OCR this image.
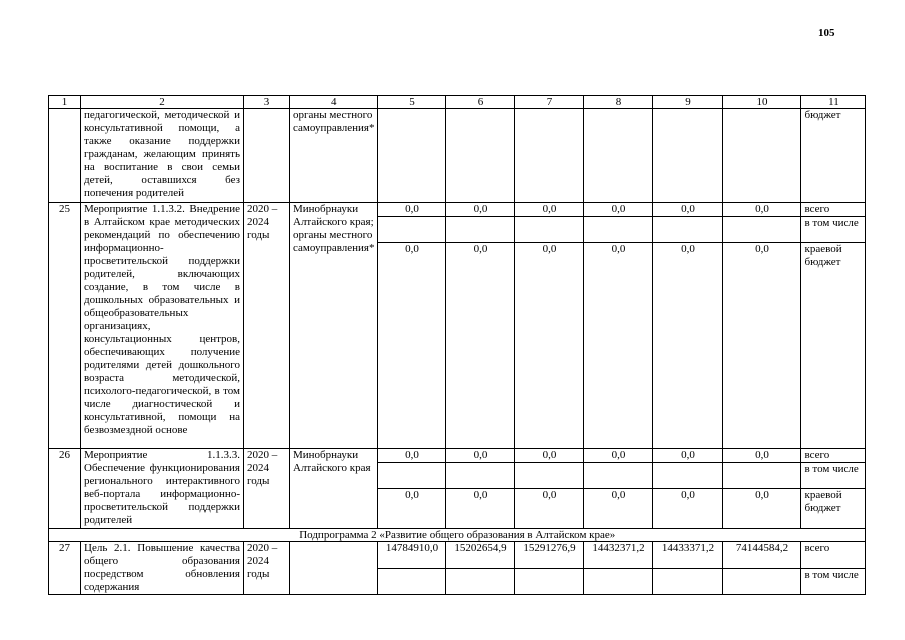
105
1	2	3	4	5	6	7	8	9	10	11
	педагогической, методической и консультативной помощи, а также оказание поддержки гражданам, желающим принять на воспитание в свои семьи детей, оставшихся без попечения родителей		органы местного самоуправления*							бюджет
25	Мероприятие 1.1.3.2. Внедрение в Алтайском крае методических рекомендаций по обеспечению информационно-просветительской поддержки родителей, включающих создание, в том числе в дошкольных образовательных и общеобразовательных организациях, консультационных центров, обеспечивающих получение родителями детей дошкольного возраста методической, психолого-педагогической, в том числе диагностической и консультативной, помощи на безвозмездной основе	2020 – 2024 годы	Минобрнауки Алтайского края; органы местного самоуправления*	0,0	0,0	0,0	0,0	0,0	0,0	всего
										в том числе
				0,0	0,0	0,0	0,0	0,0	0,0	краевой бюджет
26	Мероприятие 1.1.3.3. Обеспечение функционирования регионального интерактивного веб-портала информационно-просветительской поддержки родителей	2020 – 2024 годы	Минобрнауки Алтайского края	0,0	0,0	0,0	0,0	0,0	0,0	всего
										в том числе
				0,0	0,0	0,0	0,0	0,0	0,0	краевой бюджет
Подпрограмма 2 «Развитие общего образования в Алтайском крае»										
27	Цель 2.1. Повышение качества общего образования посредством обновления содержания	2020 – 2024 годы		14784910,0	15202654,9	15291276,9	14432371,2	14433371,2	74144584,2	всего
										в том числе
